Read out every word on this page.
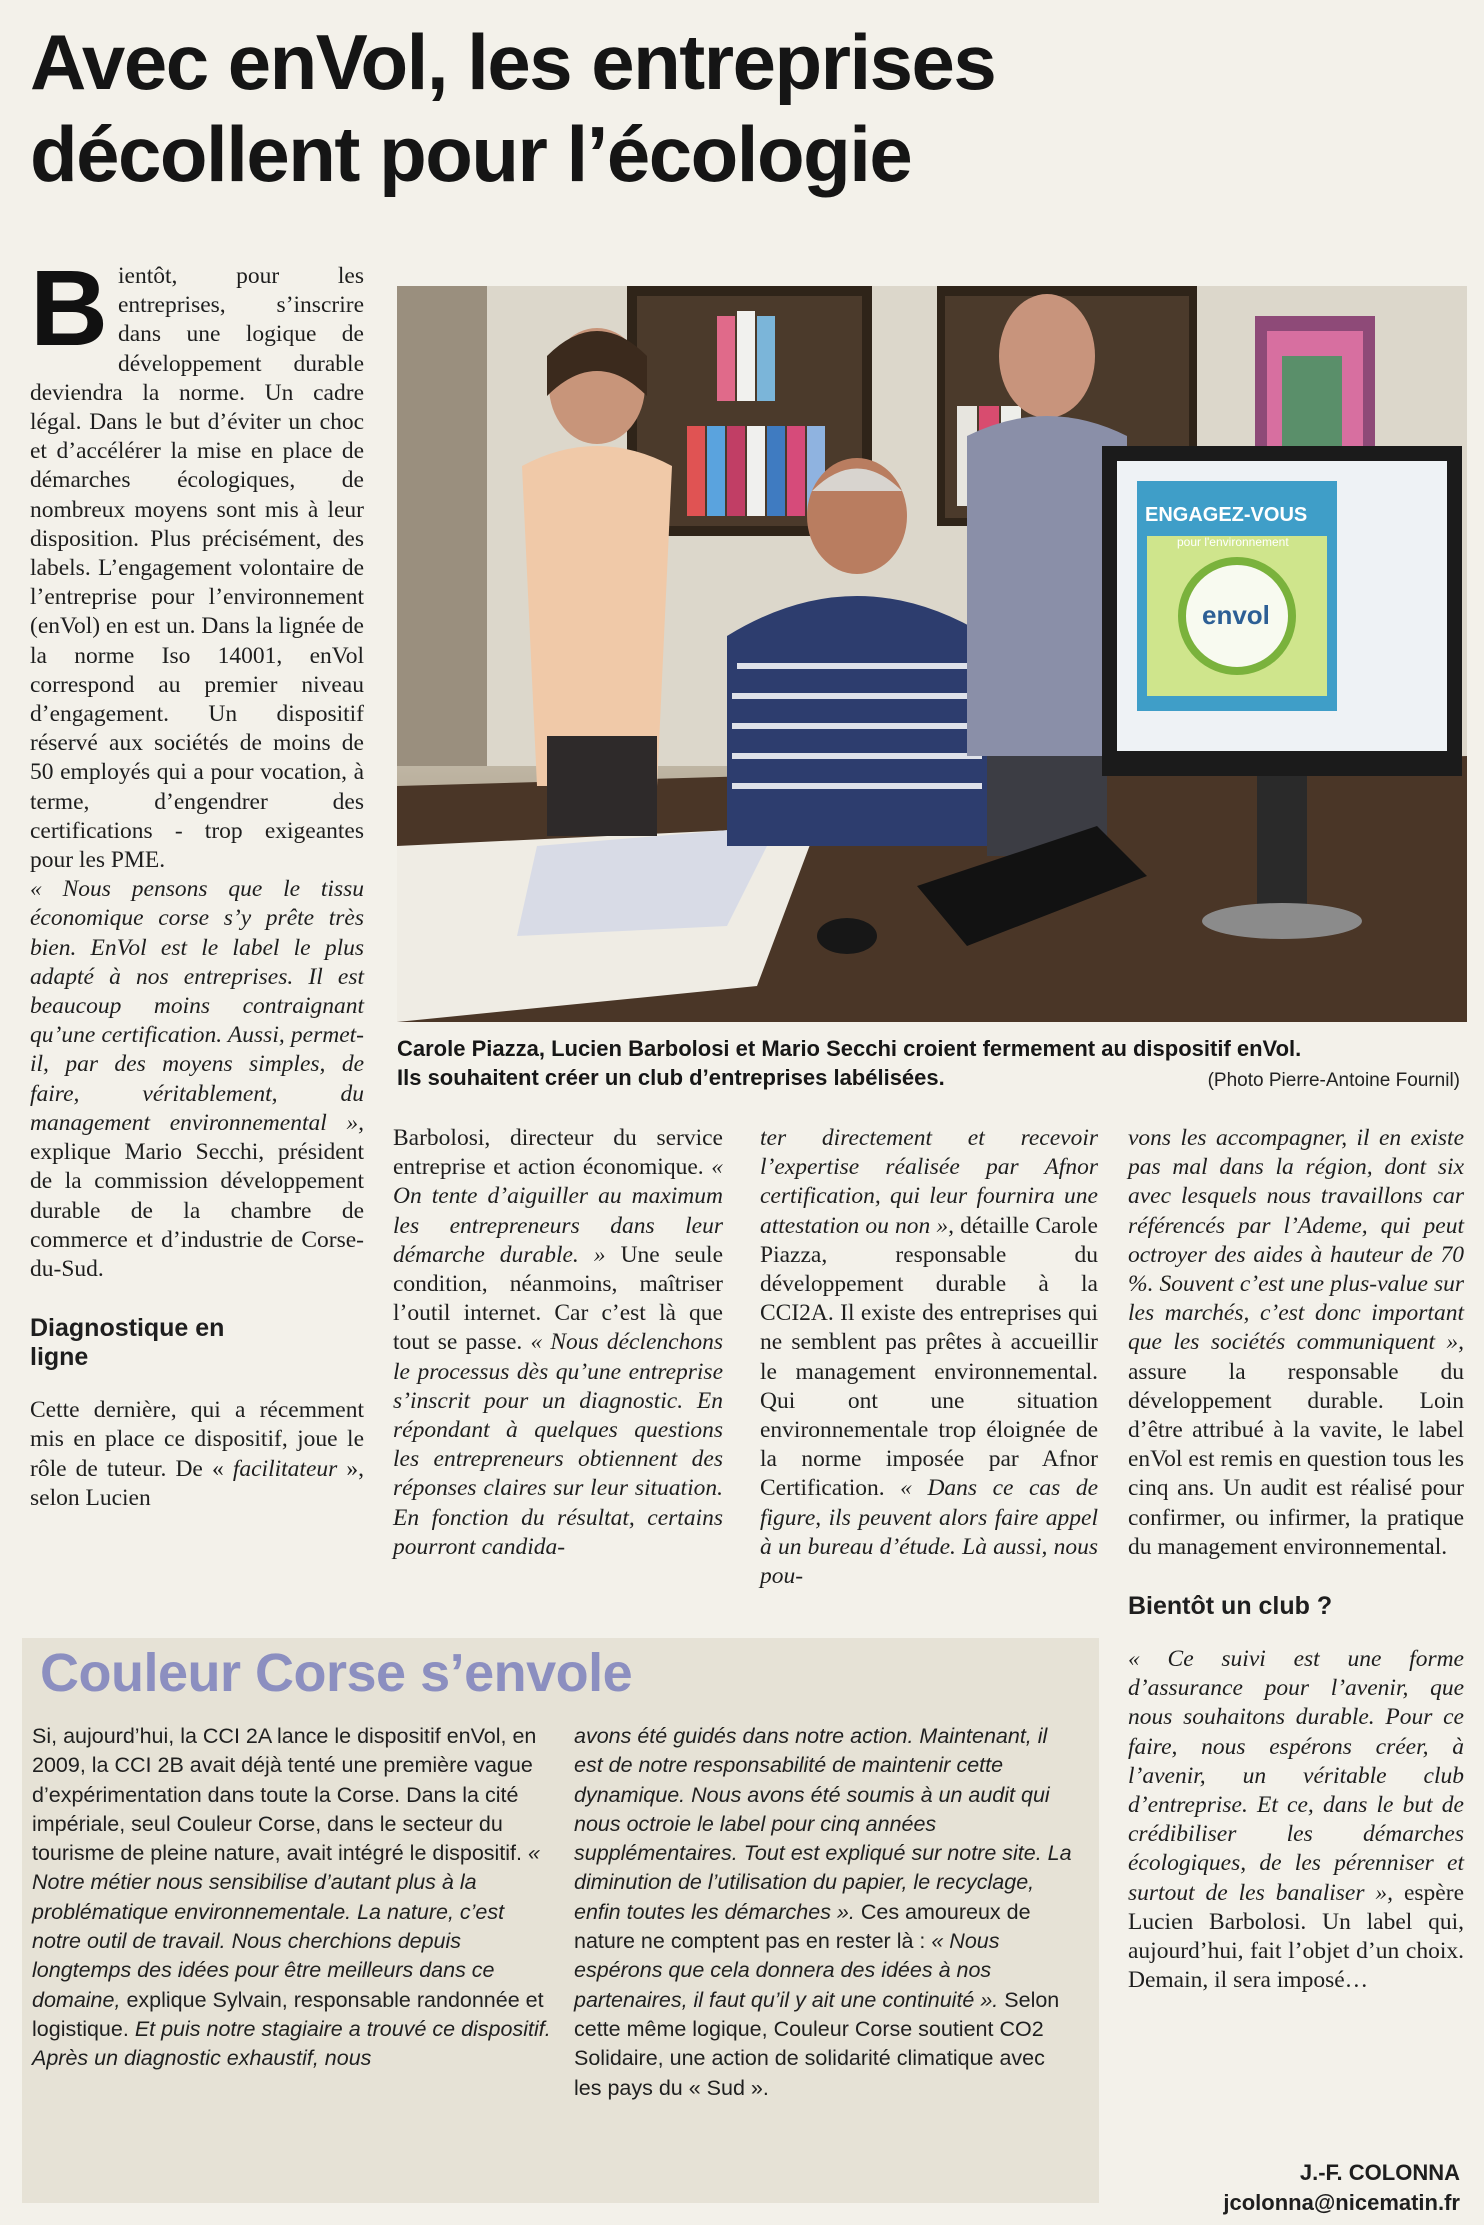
Avec enVol, les entreprises
décollent pour l’écologie

Bientôt, pour les entreprises, s’inscrire dans une logique de développement durable deviendra la norme. Un cadre légal. Dans le but d’éviter un choc et d’accélérer la mise en place de démarches écologiques, de nombreux moyens sont mis à leur disposition. Plus précisément, des labels. L’engagement volontaire de l’entreprise pour l’environnement (enVol) en est un. Dans la lignée de la norme Iso 14001, enVol correspond au premier niveau d’engagement. Un dispositif réservé aux sociétés de moins de 50 employés qui a pour vocation, à terme, d’engendrer des certifications - trop exigeantes pour les PME.

« Nous pensons que le tissu économique corse s’y prête très bien. EnVol est le label le plus adapté à nos entreprises. Il est beaucoup moins contraignant qu’une certification. Aussi, permet-il, par des moyens simples, de faire, véritablement, du management environnemental », explique Mario Secchi, président de la commission développement durable de la chambre de commerce et d’industrie de Corse-du-Sud.

Diagnostique en ligne

Cette dernière, qui a récemment mis en place ce dispositif, joue le rôle de tuteur. De « facilitateur », selon Lucien

ENGAGEZ-VOUS
pour l'environnement
envol
Carole Piazza, Lucien Barbolosi et Mario Secchi croient fermement au dispositif enVol.
Ils souhaitent créer un club d’entreprises labélisées.	(Photo Pierre-Antoine Fournil)

Barbolosi, directeur du service entreprise et action économique. « On tente d’aiguiller au maximum les entrepreneurs dans leur démarche durable. » Une seule condition, néanmoins, maîtriser l’outil internet. Car c’est là que tout se passe. « Nous déclenchons le processus dès qu’une entreprise s’inscrit pour un diagnostic. En répondant à quelques questions les entrepreneurs obtiennent des réponses claires sur leur situation. En fonction du résultat, certains pourront candida-

ter directement et recevoir l’expertise réalisée par Afnor certification, qui leur fournira une attestation ou non », détaille Carole Piazza, responsable du développement durable à la CCI2A. Il existe des entreprises qui ne semblent pas prêtes à accueillir le management environnemental. Qui ont une situation environnementale trop éloignée de la norme imposée par Afnor Certification. « Dans ce cas de figure, ils peuvent alors faire appel à un bureau d’étude. Là aussi, nous pou-

vons les accompagner, il en existe pas mal dans la région, dont six avec lesquels nous travaillons car référencés par l’Ademe, qui peut octroyer des aides à hauteur de 70 %. Souvent c’est une plus-value sur les marchés, c’est donc important que les sociétés communiquent », assure la responsable du développement durable. Loin d’être attribué à la vavite, le label enVol est remis en question tous les cinq ans. Un audit est réalisé pour confirmer, ou infirmer, la pratique du management environnemental.

Bientôt un club ?

« Ce suivi est une forme d’assurance pour l’avenir, que nous souhaitons durable. Pour ce faire, nous espérons créer, à l’avenir, un véritable club d’entreprise. Et ce, dans le but de crédibiliser les démarches écologiques, de les pérenniser et surtout de les banaliser », espère Lucien Barbolosi. Un label qui, aujourd’hui, fait l’objet d’un choix. Demain, il sera imposé…

Couleur Corse s’envole
Si, aujourd’hui, la CCI 2A lance le dispositif enVol, en 2009, la CCI 2B avait déjà tenté une première vague d’expérimentation dans toute la Corse. Dans la cité impériale, seul Couleur Corse, dans le secteur du tourisme de pleine nature, avait intégré le dispositif. « Notre métier nous sensibilise d’autant plus à la problématique environnementale. La nature, c’est notre outil de travail. Nous cherchions depuis longtemps des idées pour être meilleurs dans ce domaine, explique Sylvain, responsable randonnée et logistique. Et puis notre stagiaire a trouvé ce dispositif. Après un diagnostic exhaustif, nous
avons été guidés dans notre action. Maintenant, il est de notre responsabilité de maintenir cette dynamique. Nous avons été soumis à un audit qui nous octroie le label pour cinq années supplémentaires. Tout est expliqué sur notre site. La diminution de l’utilisation du papier, le recyclage, enfin toutes les démarches ». Ces amoureux de nature ne comptent pas en rester là : « Nous espérons que cela donnera des idées à nos partenaires, il faut qu’il y ait une continuité ». Selon cette même logique, Couleur Corse soutient CO2 Solidaire, une action de solidarité climatique avec les pays du « Sud ».
J.-F. COLONNA
jcolonna@nicematin.fr
